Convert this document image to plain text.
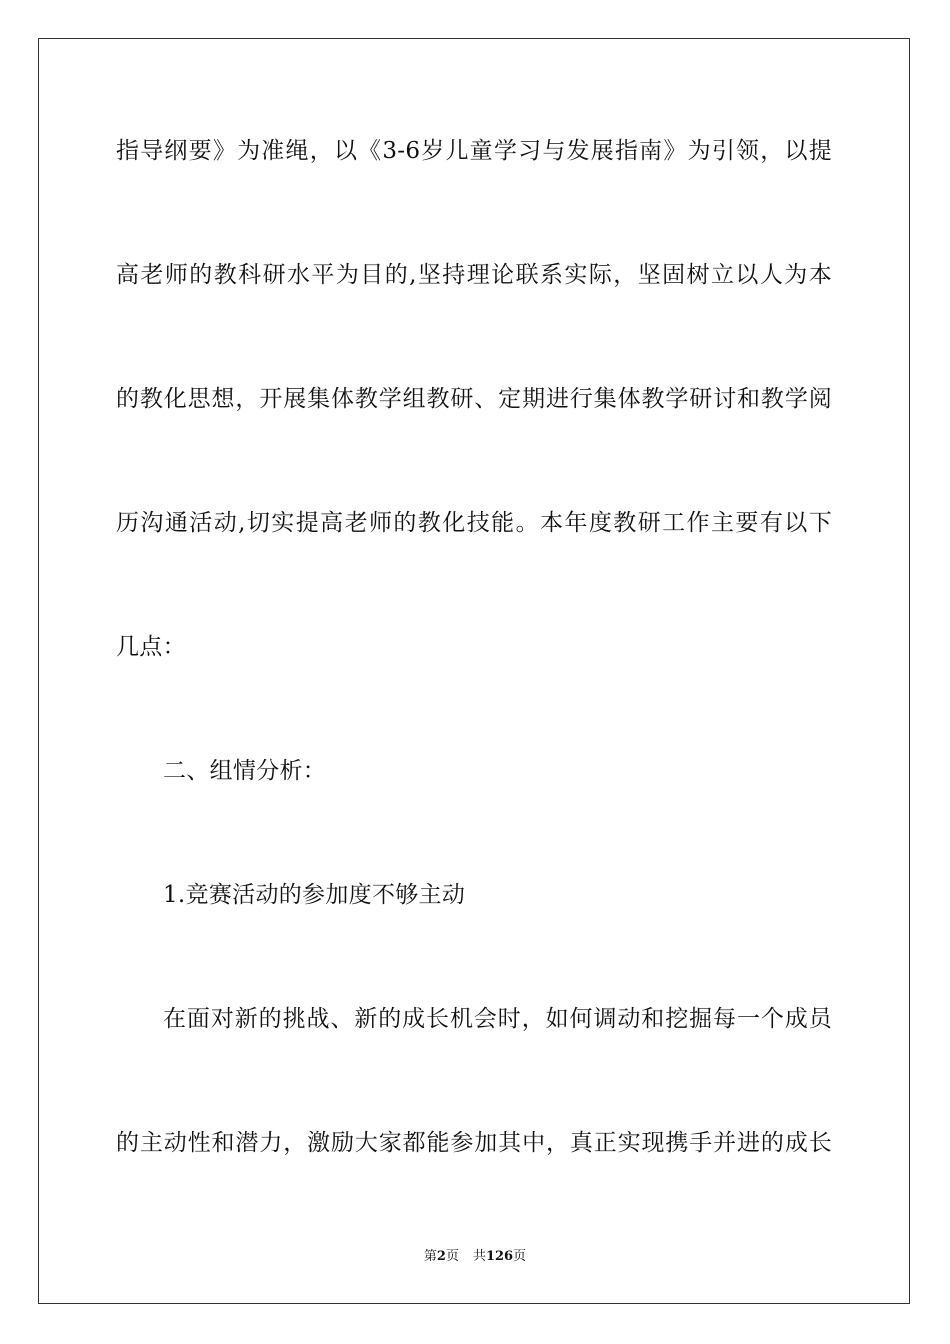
指导纲要》为准绳，以《3-6岁儿童学习与发展指南》为引领，以提
高老师的教科研水平为目的,坚持理论联系实际，坚固树立以人为本
的教化思想，开展集体教学组教研、定期进行集体教学研讨和教学阅
历沟通活动,切实提高老师的教化技能。本年度教研工作主要有以下
几点：
二、组情分析：
1.竞赛活动的参加度不够主动
在面对新的挑战、新的成长机会时，如何调动和挖掘每一个成员
的主动性和潜力，激励大家都能参加其中，真正实现携手并进的成长
第2页 共126页
